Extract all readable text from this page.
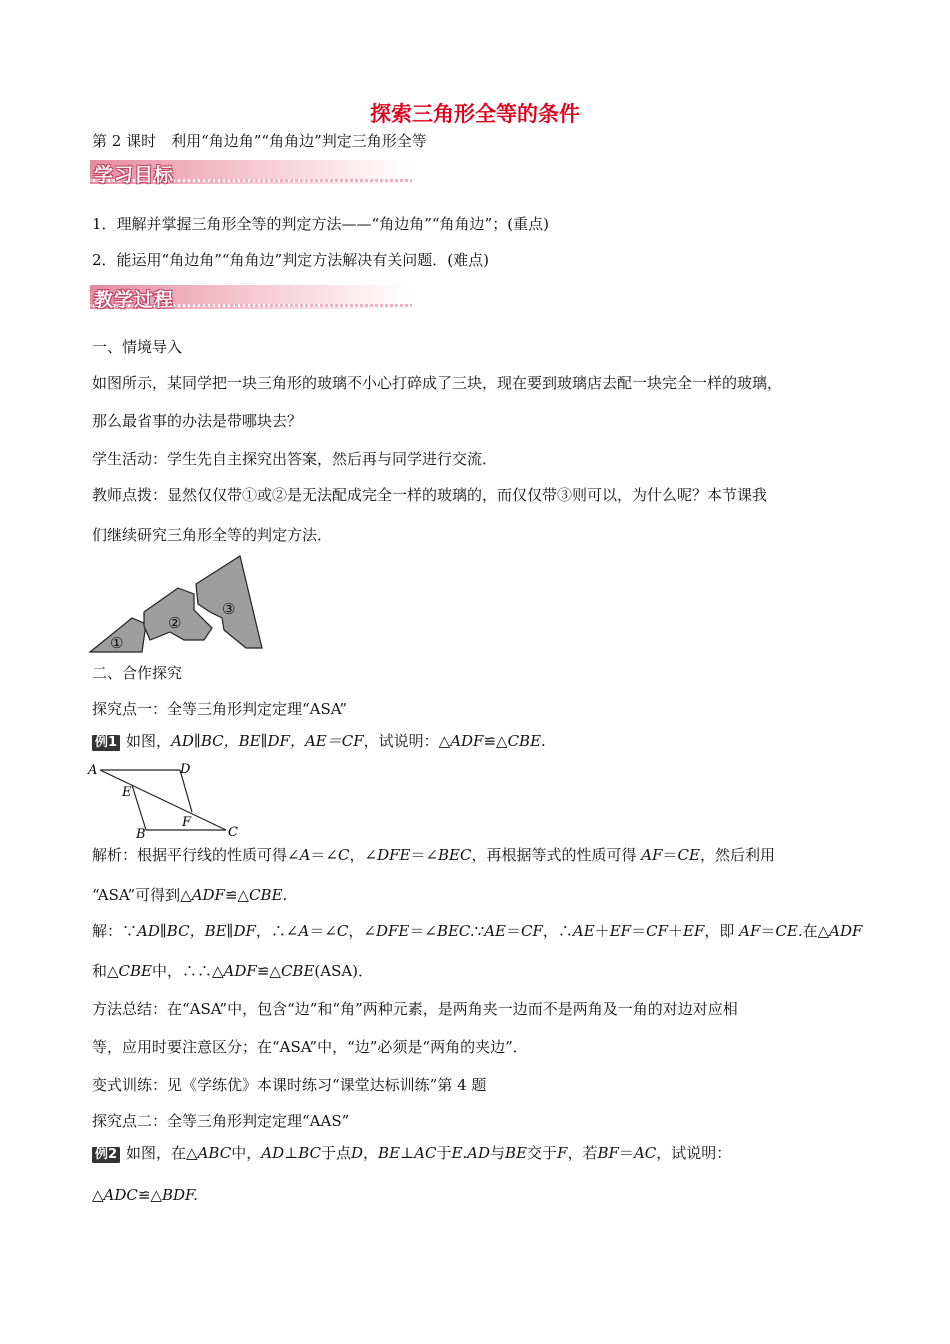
探索三角形全等的条件
第 2 课时　利用“角边角”“角角边”判定三角形全等
学习目标
1．理解并掌握三角形全等的判定方法——“角边角”“角角边”；(重点)
2．能运用“角边角”“角角边”判定方法解决有关问题．(难点)
教学过程
一、情境导入
如图所示，某同学把一块三角形的玻璃不小心打碎成了三块，现在要到玻璃店去配一块完全一样的玻璃，
那么最省事的办法是带哪块去？
学生活动：学生先自主探究出答案，然后再与同学进行交流．
教师点拨：显然仅仅带①或②是无法配成完全一样的玻璃的，而仅仅带③则可以，为什么呢？本节课我
们继续研究三角形全等的判定方法．
①
②
③
二、合作探究
探究点一：全等三角形判定定理“ASA”
例1 如图，AD∥BC，BE∥DF，AE＝CF，试说明：△ADF≌△CBE.
A	D
E
F
B	C
解析：根据平行线的性质可得∠A＝∠C，∠DFE＝∠BEC，再根据等式的性质可得 AF＝CE，然后利用
“ASA”可得到△ADF≌△CBE.
解：∵AD∥BC，BE∥DF，∴∠A＝∠C，∠DFE＝∠BEC.∵AE＝CF，∴AE＋EF＝CF＋EF，即 AF＝CE.在△ADF
和△CBE中，∴∴△ADF≌△CBE(ASA)．
方法总结：在“ASA”中，包含“边”和“角”两种元素，是两角夹一边而不是两角及一角的对边对应相
等，应用时要注意区分；在“ASA”中，“边”必须是“两角的夹边”．
变式训练：见《学练优》本课时练习“课堂达标训练”第 4 题
探究点二：全等三角形判定定理“AAS”
例2 如图，在△ABC中，AD⊥BC于点D，BE⊥AC于E.AD与BE交于F，若BF＝AC，试说明：
△ADC≌△BDF.
